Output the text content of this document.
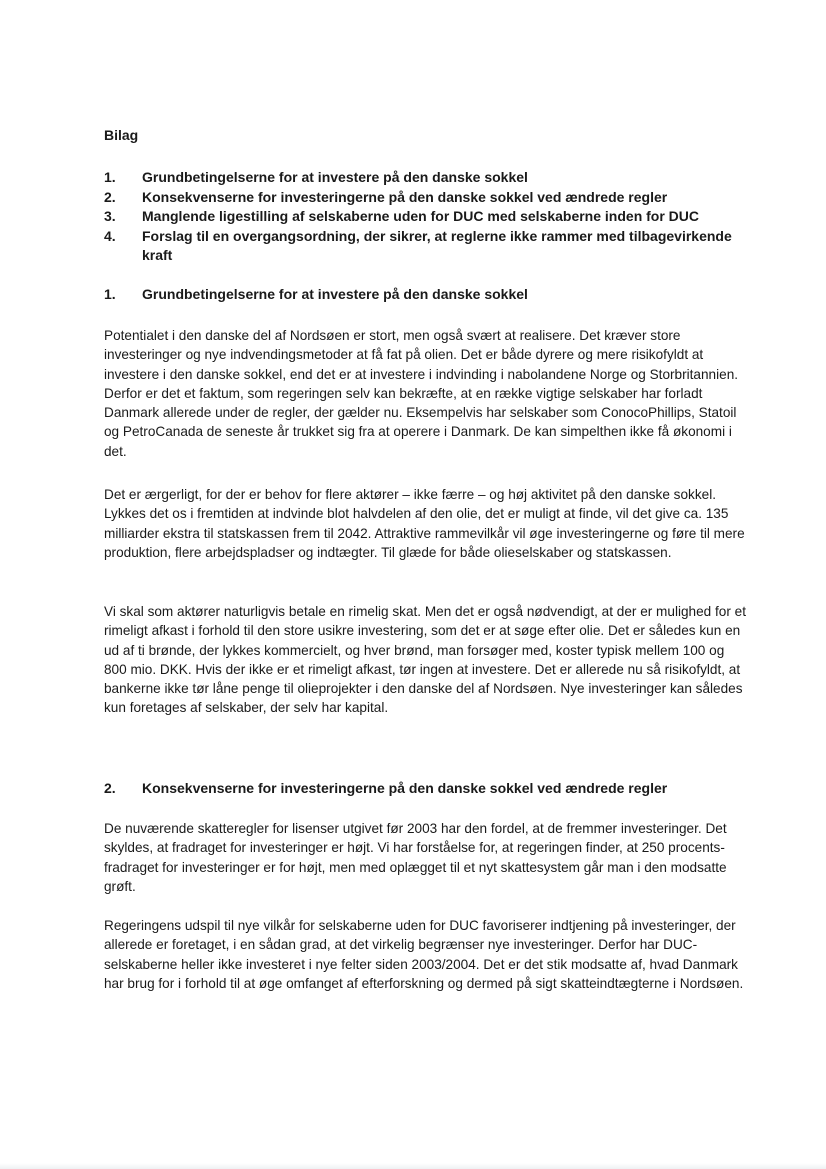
Bilag
1.	Grundbetingelserne for at investere på den danske sokkel
2.	Konsekvenserne for investeringerne på den danske sokkel ved ændrede regler
3.	Manglende ligestilling af selskaberne uden for DUC med selskaberne inden for DUC
4.	Forslag til en overgangsordning, der sikrer, at reglerne ikke rammer med tilbagevirkende kraft
1.	Grundbetingelserne for at investere på den danske sokkel

Potentialet i den danske del af Nordsøen er stort, men også svært at realisere. Det kræver store investeringer og nye indvendingsmetoder at få fat på olien. Det er både dyrere og mere risikofyldt at investere i den danske sokkel, end det er at investere i indvinding i nabolandene Norge og Storbritannien. Derfor er det et faktum, som regeringen selv kan bekræfte, at en række vigtige selskaber har forladt Danmark allerede under de regler, der gælder nu. Eksempelvis har selskaber som ConocoPhillips, Statoil og PetroCanada de seneste år trukket sig fra at operere i Danmark. De kan simpelthen ikke få økonomi i det.

Det er ærgerligt, for der er behov for flere aktører – ikke færre – og høj aktivitet på den danske sokkel. Lykkes det os i fremtiden at indvinde blot halvdelen af den olie, det er muligt at finde, vil det give ca. 135 milliarder ekstra til statskassen frem til 2042. Attraktive rammevilkår vil øge investeringerne og føre til mere produktion, flere arbejdspladser og indtægter. Til glæde for både olieselskaber og statskassen.

Vi skal som aktører naturligvis betale en rimelig skat. Men det er også nødvendigt, at der er mulighed for et rimeligt afkast i forhold til den store usikre investering, som det er at søge efter olie. Det er således kun en ud af ti brønde, der lykkes kommercielt, og hver brønd, man forsøger med, koster typisk mellem 100 og 800 mio. DKK. Hvis der ikke er et rimeligt afkast, tør ingen at investere. Det er allerede nu så risikofyldt, at bankerne ikke tør låne penge til olieprojekter i den danske del af Nordsøen. Nye investeringer kan således kun foretages af selskaber, der selv har kapital.

2.	Konsekvenserne for investeringerne på den danske sokkel ved ændrede regler

De nuværende skatteregler for lisenser utgivet før 2003 har den fordel, at de fremmer investeringer. Det skyldes, at fradraget for investeringer er højt. Vi har forståelse for, at regeringen finder, at 250 procents-fradraget for investeringer er for højt, men med oplægget til et nyt skattesystem går man i den modsatte grøft.

Regeringens udspil til nye vilkår for selskaberne uden for DUC favoriserer indtjening på investeringer, der allerede er foretaget, i en sådan grad, at det virkelig begrænser nye investeringer. Derfor har DUC-selskaberne heller ikke investeret i nye felter siden 2003/2004. Det er det stik modsatte af, hvad Danmark har brug for i forhold til at øge omfanget af efterforskning og dermed på sigt skatteindtægterne i Nordsøen.
